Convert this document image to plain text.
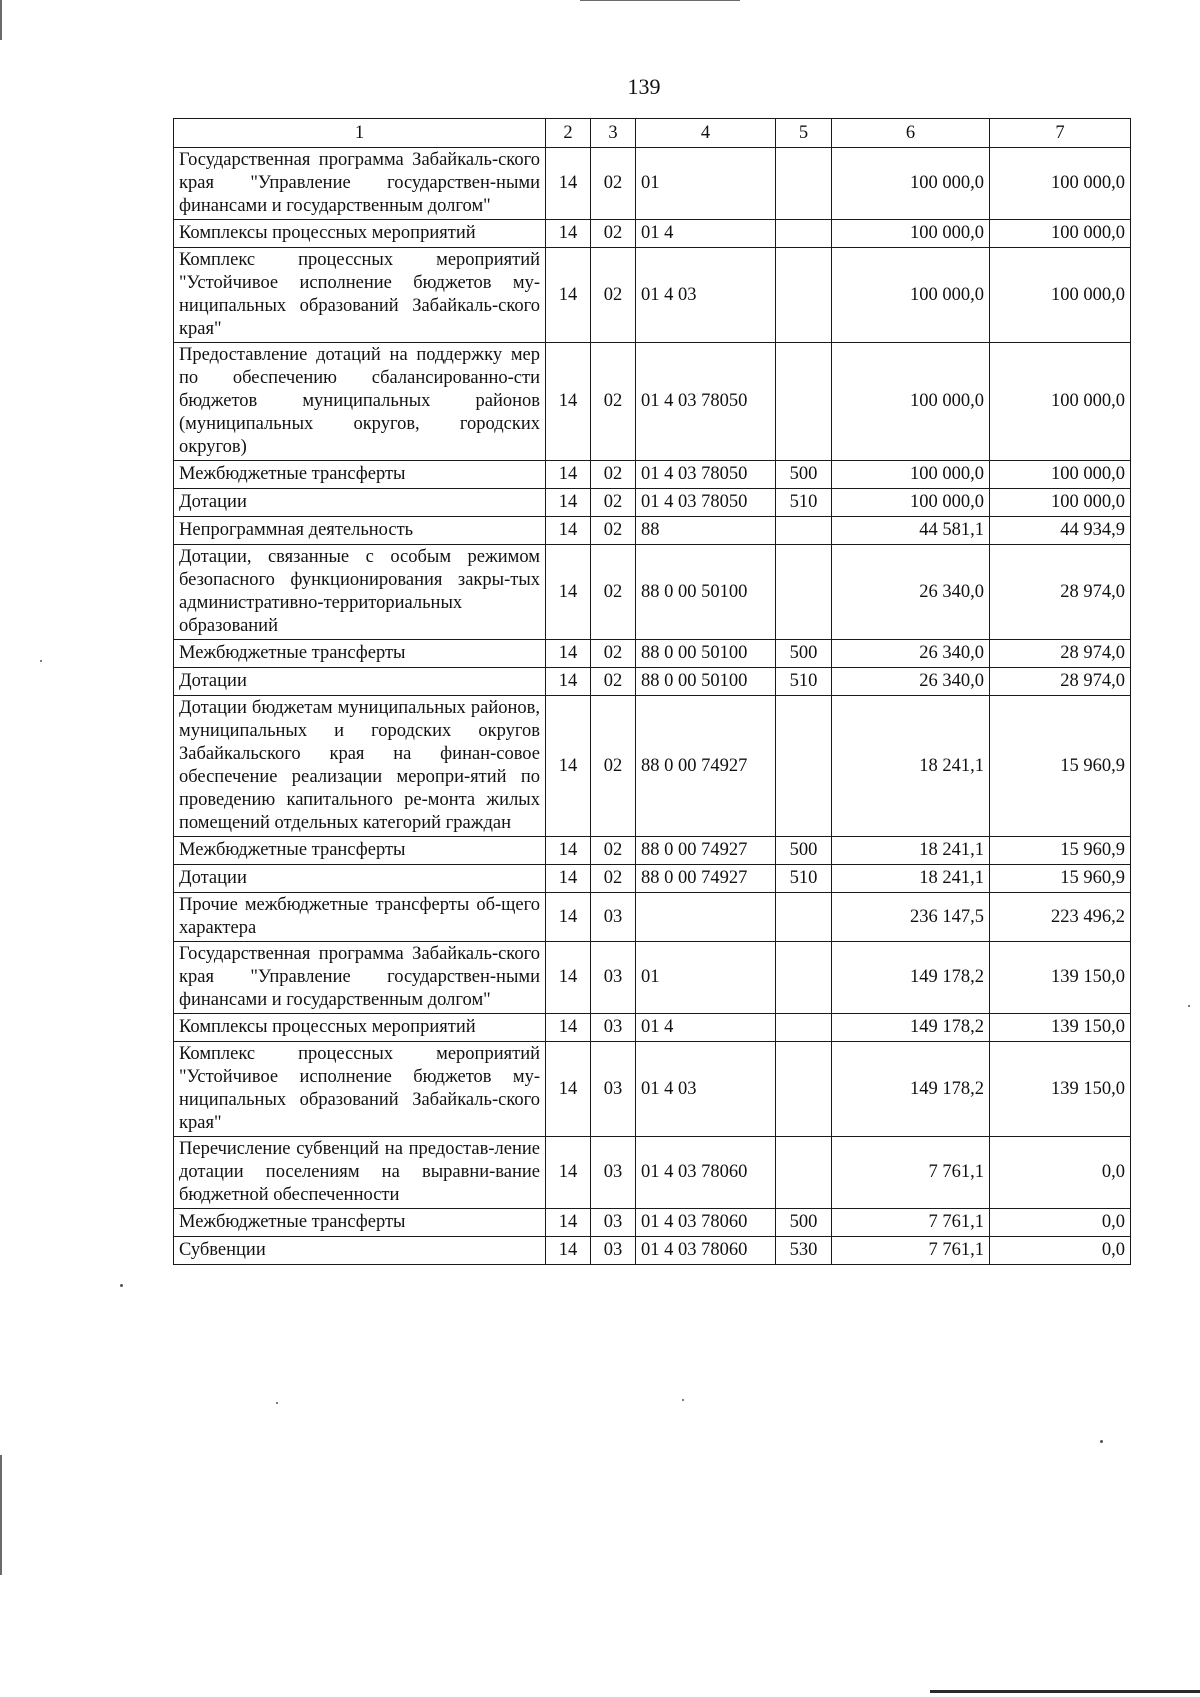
139
1	2	3	4	5	6	7
Государственная программа Забайкаль-ского края "Управление государствен-ными финансами и государственным долгом"	14	02	01		100 000,0	100 000,0
Комплексы процессных мероприятий	14	02	01 4		100 000,0	100 000,0
Комплекс процессных мероприятий "Устойчивое исполнение бюджетов му-ниципальных образований Забайкаль-ского края"	14	02	01 4 03		100 000,0	100 000,0
Предоставление дотаций на поддержку мер по обеспечению сбалансированно-сти бюджетов муниципальных районов (муниципальных округов, городских округов)	14	02	01 4 03 78050		100 000,0	100 000,0
Межбюджетные трансферты	14	02	01 4 03 78050	500	100 000,0	100 000,0
Дотации	14	02	01 4 03 78050	510	100 000,0	100 000,0
Непрограммная деятельность	14	02	88		44 581,1	44 934,9
Дотации, связанные с особым режимом безопасного функционирования закры-тых административно-территориальных образований	14	02	88 0 00 50100		26 340,0	28 974,0
Межбюджетные трансферты	14	02	88 0 00 50100	500	26 340,0	28 974,0
Дотации	14	02	88 0 00 50100	510	26 340,0	28 974,0
Дотации бюджетам муниципальных районов, муниципальных и городских округов Забайкальского края на финан-совое обеспечение реализации меропри-ятий по проведению капитального ре-монта жилых помещений отдельных категорий граждан	14	02	88 0 00 74927		18 241,1	15 960,9
Межбюджетные трансферты	14	02	88 0 00 74927	500	18 241,1	15 960,9
Дотации	14	02	88 0 00 74927	510	18 241,1	15 960,9
Прочие межбюджетные трансферты об-щего характера	14	03			236 147,5	223 496,2
Государственная программа Забайкаль-ского края "Управление государствен-ными финансами и государственным долгом"	14	03	01		149 178,2	139 150,0
Комплексы процессных мероприятий	14	03	01 4		149 178,2	139 150,0
Комплекс процессных мероприятий "Устойчивое исполнение бюджетов му-ниципальных образований Забайкаль-ского края"	14	03	01 4 03		149 178,2	139 150,0
Перечисление субвенций на предостав-ление дотации поселениям на выравни-вание бюджетной обеспеченности	14	03	01 4 03 78060		7 761,1	0,0
Межбюджетные трансферты	14	03	01 4 03 78060	500	7 761,1	0,0
Субвенции	14	03	01 4 03 78060	530	7 761,1	0,0
